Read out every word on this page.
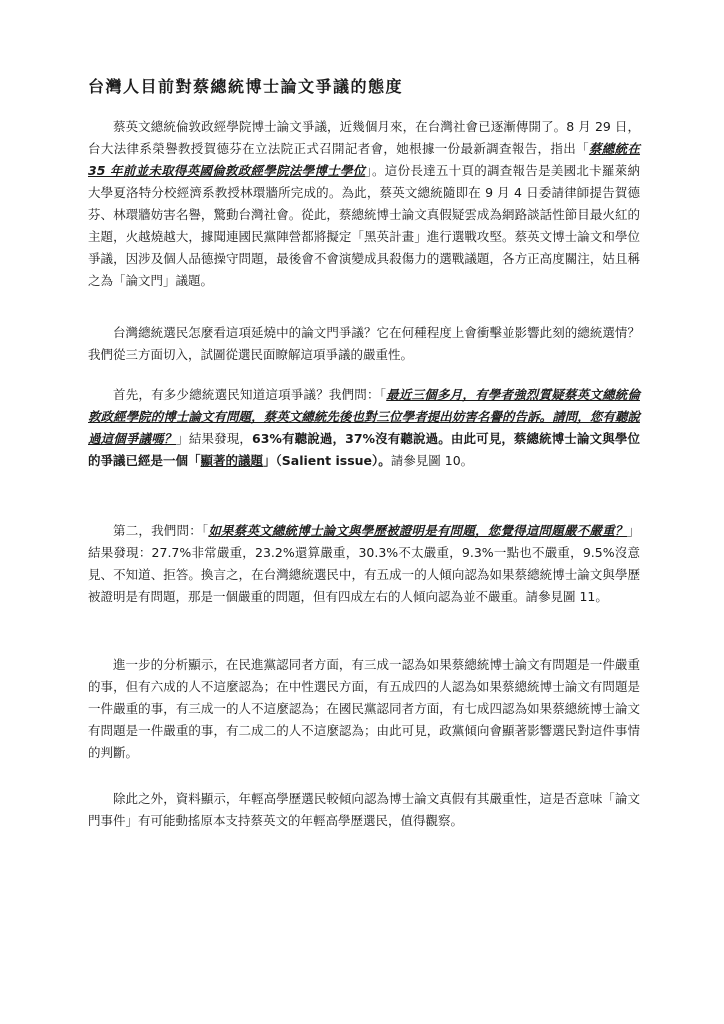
台灣人目前對蔡總統博士論文爭議的態度

蔡英文總統倫敦政經學院博士論文爭議，近幾個月來，在台灣社會已逐漸傳開了。8 月 29 日，台大法律系榮譽教授賀德芬在立法院正式召開記者會，她根據一份最新調查報告，指出「蔡總統在 35 年前並未取得英國倫敦政經學院法學博士學位」。這份長達五十頁的調查報告是美國北卡羅萊納大學夏洛特分校經濟系教授林環牆所完成的。為此，蔡英文總統隨即在 9 月 4 日委請律師提告賀德芬、林環牆妨害名譽，驚動台灣社會。從此，蔡總統博士論文真假疑雲成為網路談話性節目最火紅的主題，火越燒越大，據聞連國民黨陣營都將擬定「黑英計畫」進行選戰攻堅。蔡英文博士論文和學位爭議，因涉及個人品德操守問題，最後會不會演變成具殺傷力的選戰議題，各方正高度關注，姑且稱之為「論文門」議題。

台灣總統選民怎麼看這項延燒中的論文門爭議？它在何種程度上會衝擊並影響此刻的總統選情？我們從三方面切入，試圖從選民面瞭解這項爭議的嚴重性。

首先，有多少總統選民知道這項爭議？我們問：「最近三個多月，有學者強烈質疑蔡英文總統倫敦政經學院的博士論文有問題，蔡英文總統先後也對三位學者提出妨害名譽的告訴。請問，您有聽說過這個爭議嗎？」結果發現，63%有聽說過，37%沒有聽說過。由此可見，蔡總統博士論文與學位的爭議已經是一個「顯著的議題」（Salient issue）。請參見圖 10。

第二，我們問：「如果蔡英文總統博士論文與學歷被證明是有問題，您覺得這問題嚴不嚴重？」結果發現：27.7%非常嚴重，23.2%還算嚴重，30.3%不太嚴重，9.3%一點也不嚴重，9.5%沒意見、不知道、拒答。換言之，在台灣總統選民中，有五成一的人傾向認為如果蔡總統博士論文與學歷被證明是有問題，那是一個嚴重的問題，但有四成左右的人傾向認為並不嚴重。請參見圖 11。

進一步的分析顯示，在民進黨認同者方面，有三成一認為如果蔡總統博士論文有問題是一件嚴重的事，但有六成的人不這麼認為；在中性選民方面，有五成四的人認為如果蔡總統博士論文有問題是一件嚴重的事，有三成一的人不這麼認為；在國民黨認同者方面，有七成四認為如果蔡總統博士論文有問題是一件嚴重的事，有二成二的人不這麼認為；由此可見，政黨傾向會顯著影響選民對這件事情的判斷。

除此之外，資料顯示，年輕高學歷選民較傾向認為博士論文真假有其嚴重性，這是否意味「論文門事件」有可能動搖原本支持蔡英文的年輕高學歷選民，值得觀察。
